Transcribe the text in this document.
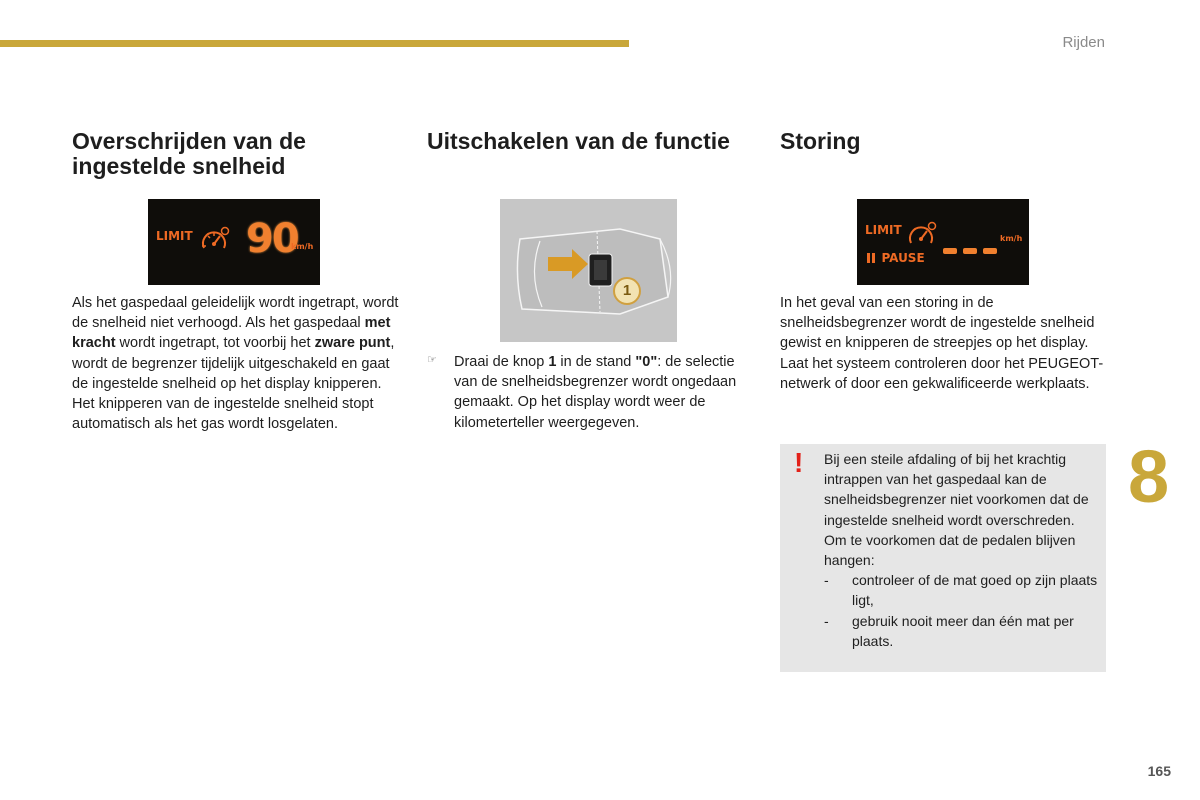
Rijden
Overschrijden van de ingestelde snelheid
LIMIT 90
km/h

Als het gaspedaal geleidelijk wordt ingetrapt, wordt de snelheid niet verhoogd. Als het gaspedaal met kracht wordt ingetrapt, tot voorbij het zware punt, wordt de begrenzer tijdelijk uitgeschakeld en gaat de ingestelde snelheid op het display knipperen.
Het knipperen van de ingestelde snelheid stopt automatisch als het gas wordt losgelaten.

Uitschakelen van de functie
1
☞ Draai de knop 1 in de stand "0": de selectie van de snelheidsbegrenzer wordt ongedaan gemaakt. Op het display wordt weer de kilometerteller weergegeven.

Storing
LIMIT
PAUSE
km/h

In het geval van een storing in de snelheidsbegrenzer wordt de ingestelde snelheid gewist en knipperen de streepjes op het display. Laat het systeem controleren door het PEUGEOT-netwerk of door een gekwalificeerde werkplaats.

! Bij een steile afdaling of bij het krachtig intrappen van het gaspedaal kan de snelheidsbegrenzer niet voorkomen dat de ingestelde snelheid wordt overschreden.
Om te voorkomen dat de pedalen blijven hangen:
-	controleer of de mat goed op zijn plaats ligt,
-	gebruik nooit meer dan één mat per plaats.
8
165
